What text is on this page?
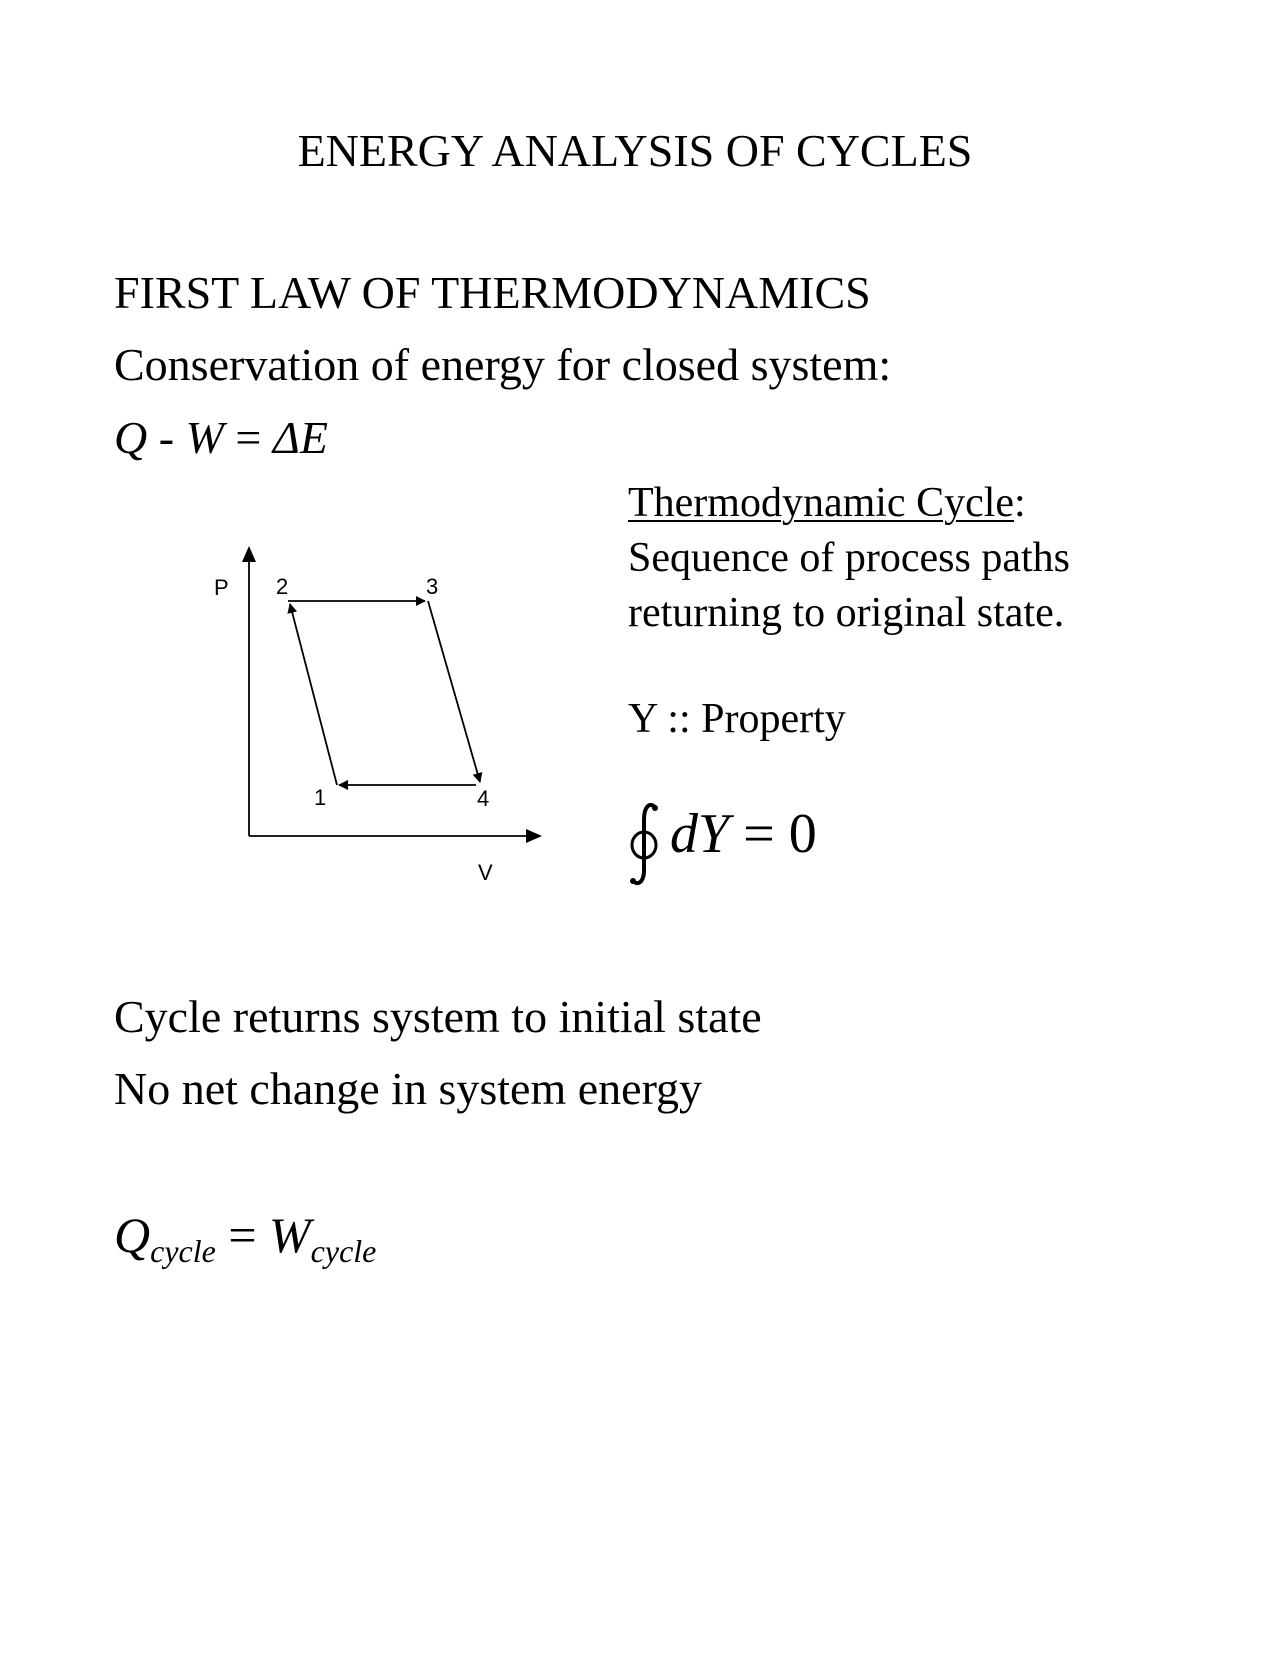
ENERGY ANALYSIS OF CYCLES
FIRST LAW OF THERMODYNAMICS
Conservation of energy for closed system:
Q - W = ΔE
P
V
1
2	3
4
Thermodynamic Cycle:
Sequence of process paths
returning to original state.
Y :: Property
dY = 0
Cycle returns system to initial state
No net change in system energy
$Q_{cycle} = W_{cycle}$
